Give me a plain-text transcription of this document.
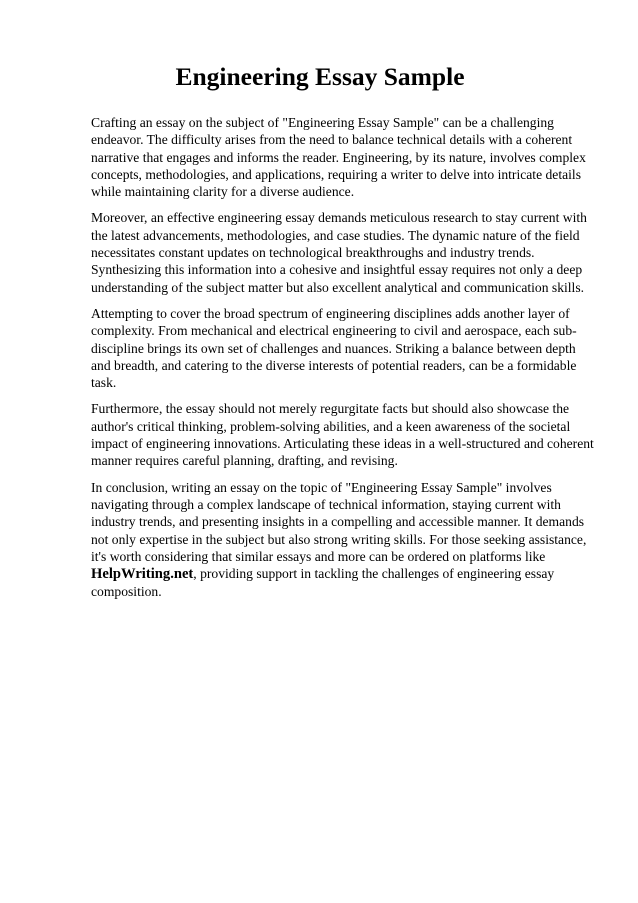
Engineering Essay Sample

Crafting an essay on the subject of "Engineering Essay Sample" can be a challenging endeavor. The difficulty arises from the need to balance technical details with a coherent narrative that engages and informs the reader. Engineering, by its nature, involves complex concepts, methodologies, and applications, requiring a writer to delve into intricate details while maintaining clarity for a diverse audience.

Moreover, an effective engineering essay demands meticulous research to stay current with the latest advancements, methodologies, and case studies. The dynamic nature of the field necessitates constant updates on technological breakthroughs and industry trends. Synthesizing this information into a cohesive and insightful essay requires not only a deep understanding of the subject matter but also excellent analytical and communication skills.

Attempting to cover the broad spectrum of engineering disciplines adds another layer of complexity. From mechanical and electrical engineering to civil and aerospace, each sub-discipline brings its own set of challenges and nuances. Striking a balance between depth and breadth, and catering to the diverse interests of potential readers, can be a formidable task.

Furthermore, the essay should not merely regurgitate facts but should also showcase the author's critical thinking, problem-solving abilities, and a keen awareness of the societal impact of engineering innovations. Articulating these ideas in a well-structured and coherent manner requires careful planning, drafting, and revising.

In conclusion, writing an essay on the topic of "Engineering Essay Sample" involves navigating through a complex landscape of technical information, staying current with industry trends, and presenting insights in a compelling and accessible manner. It demands not only expertise in the subject but also strong writing skills. For those seeking assistance, it's worth considering that similar essays and more can be ordered on platforms like HelpWriting.net, providing support in tackling the challenges of engineering essay composition.
